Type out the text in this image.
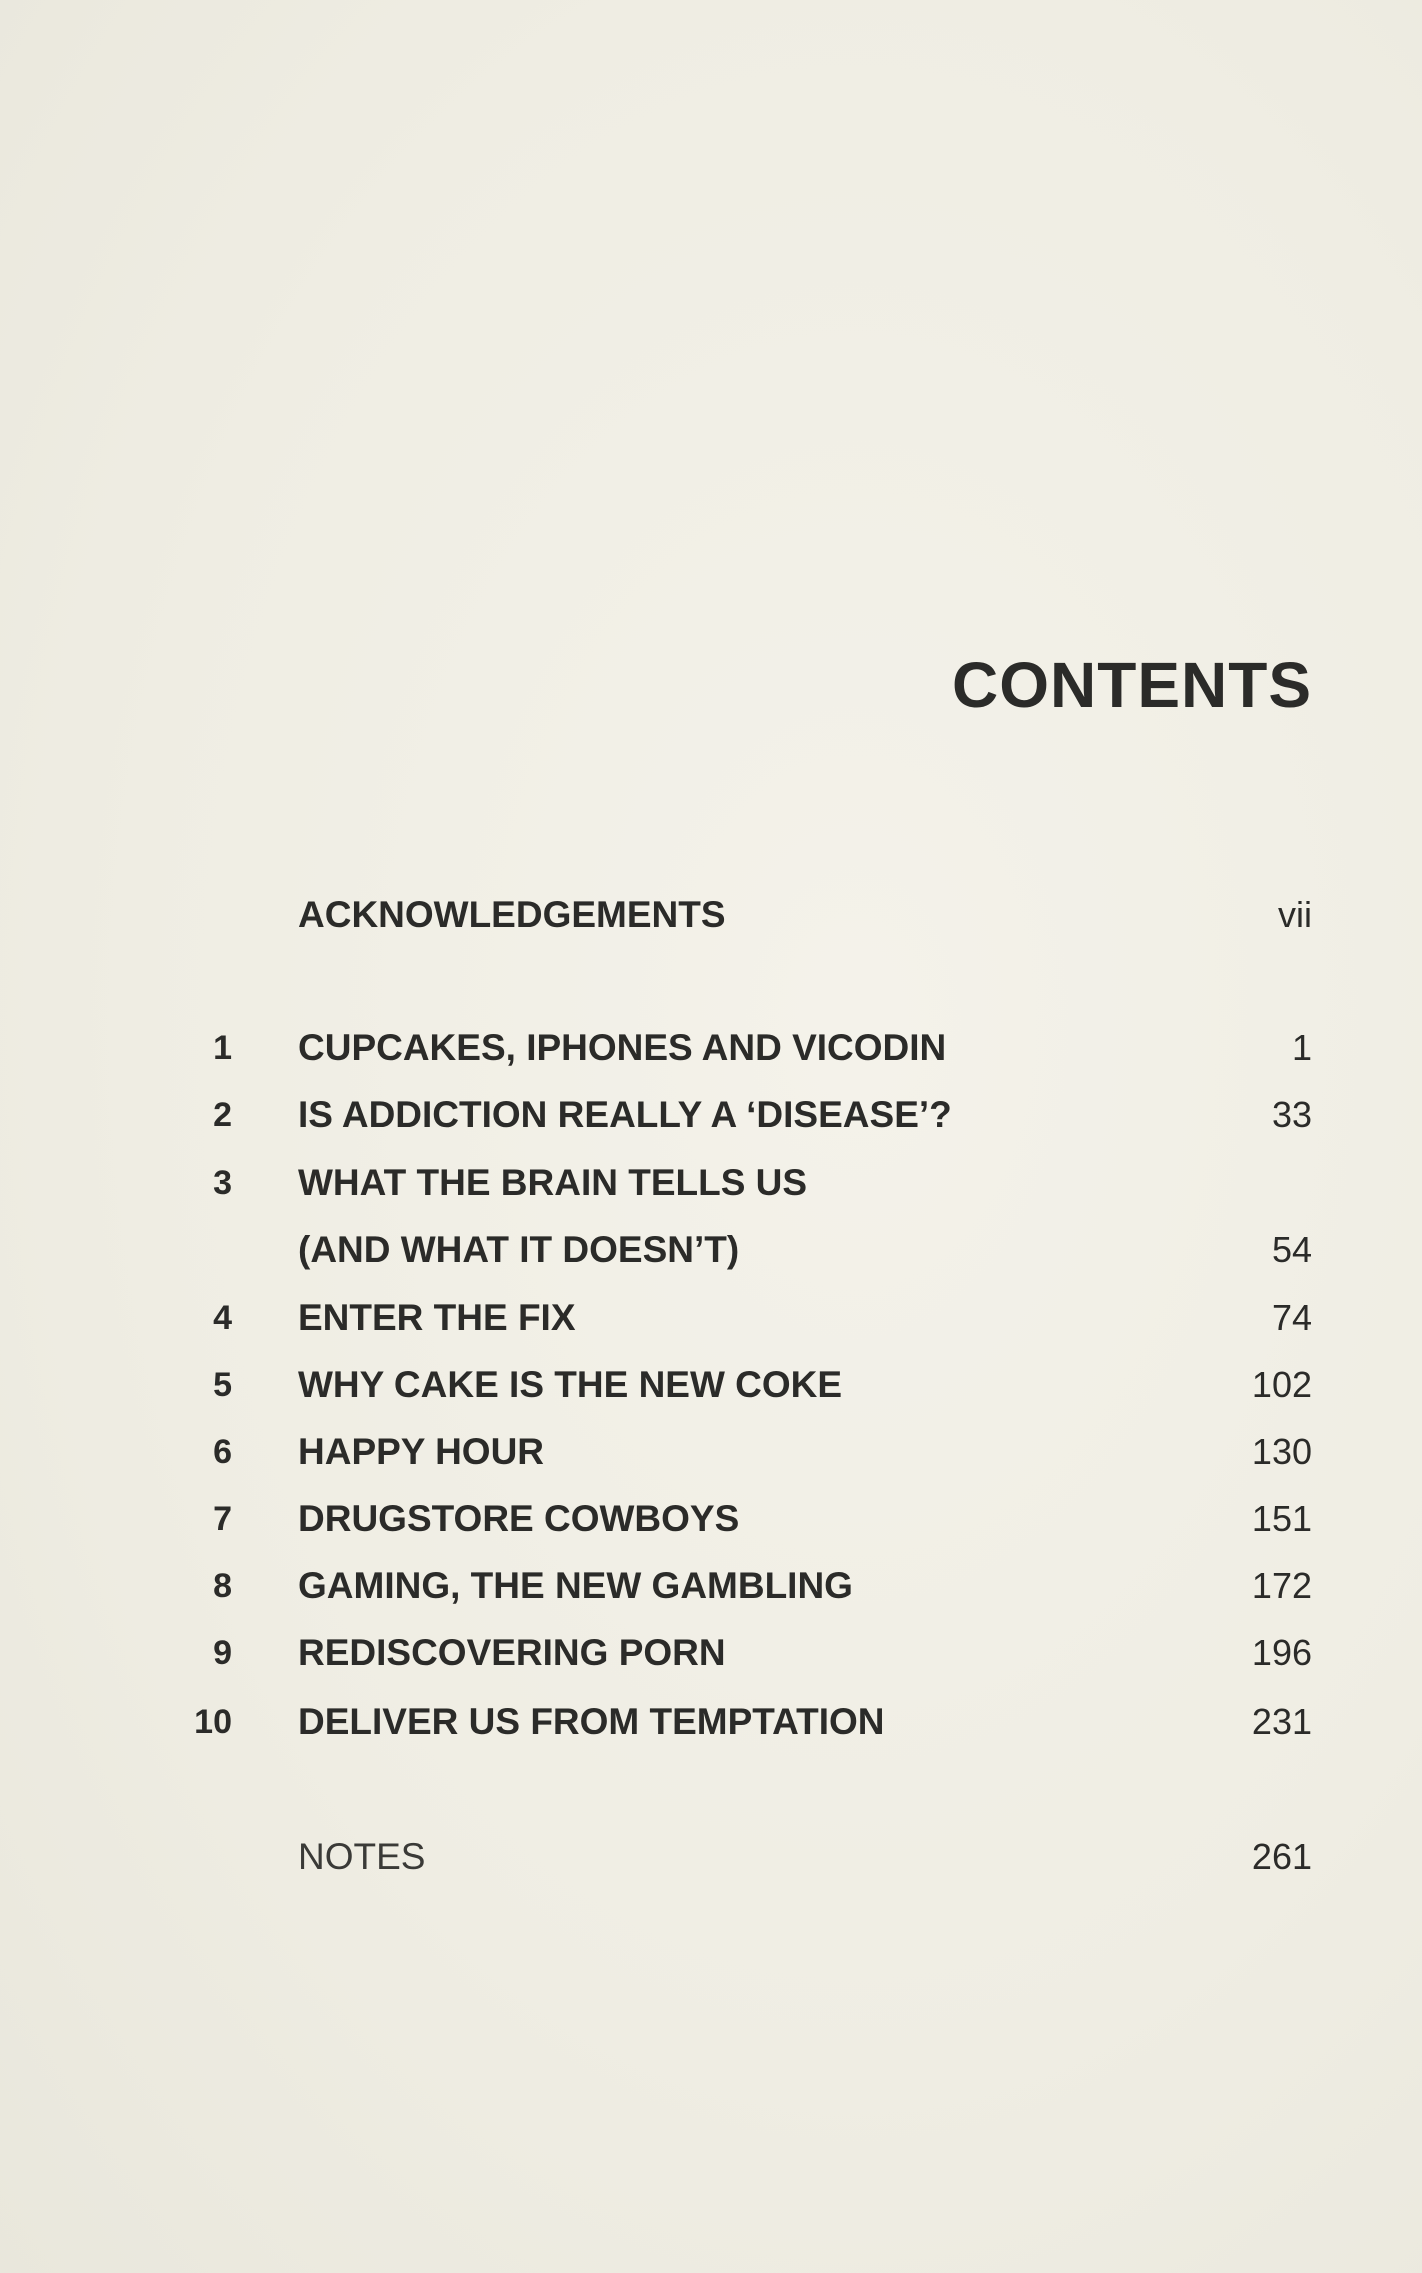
CONTENTS
ACKNOWLEDGEMENTS	vii
1 CUPCAKES, IPHONES AND VICODIN	1
2 IS ADDICTION REALLY A ‘DISEASE’?	33
3 WHAT THE BRAIN TELLS US
(AND WHAT IT DOESN’T)	54
4 ENTER THE FIX	74
5 WHY CAKE IS THE NEW COKE	102
6 HAPPY HOUR	130
7 DRUGSTORE COWBOYS	151
8 GAMING, THE NEW GAMBLING	172
9 REDISCOVERING PORN	196
10 DELIVER US FROM TEMPTATION	231
NOTES	261
